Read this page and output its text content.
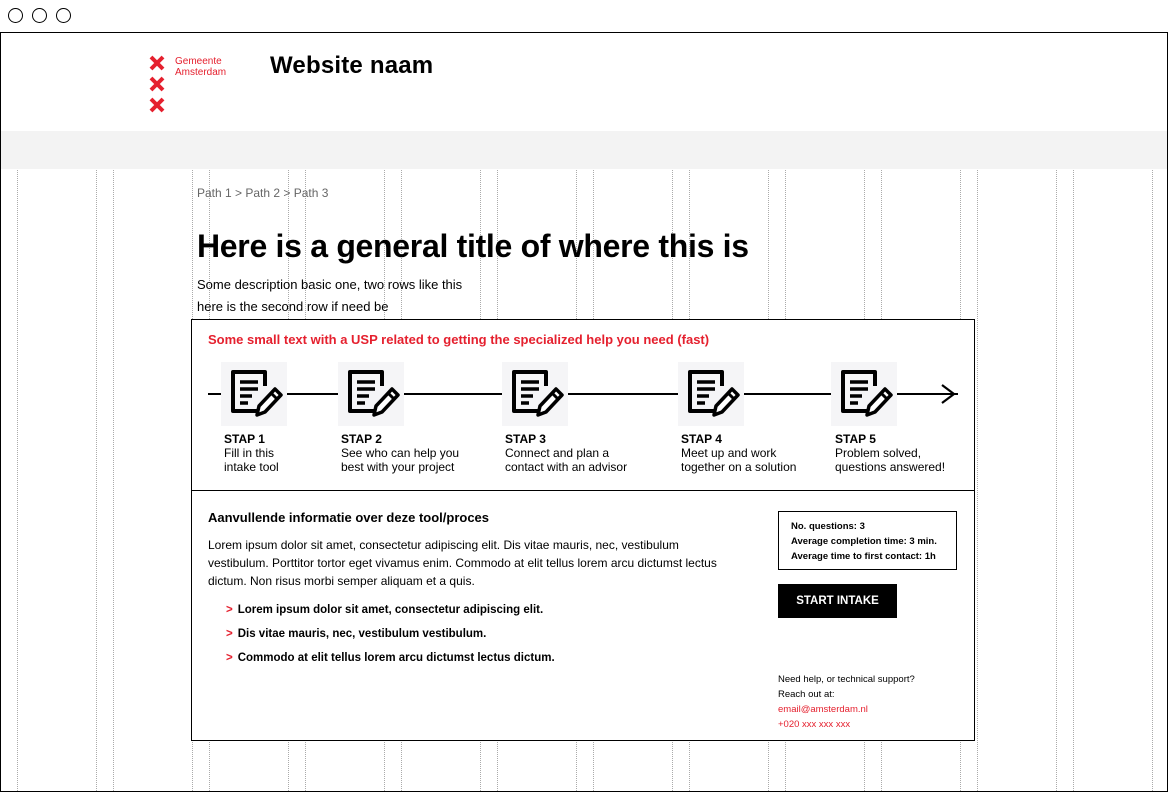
Gemeente
Amsterdam Website naam
Path 1 > Path 2 > Path 3
Here is a general title of where this is
Some description basic one, two rows like this
here is the second row if need be
Some small text with a USP related to getting the specialized help you need (fast)
STAP 1
Fill in this
intake tool
STAP 2
See who can help you
best with your project
STAP 3
Connect and plan a
contact with an advisor
STAP 4
Meet up and work
together on a solution
STAP 5
Problem solved,
questions answered!
Aanvullende informatie over deze tool/proces
Lorem ipsum dolor sit amet, consectetur adipiscing elit. Dis vitae mauris, nec, vestibulum vestibulum. Porttitor tortor eget vivamus enim. Commodo at elit tellus lorem arcu dictumst lectus dictum. Non risus morbi semper aliquam et a quis.
> Lorem ipsum dolor sit amet, consectetur adipiscing elit.
> Dis vitae mauris, nec, vestibulum vestibulum.
> Commodo at elit tellus lorem arcu dictumst lectus dictum.
No. questions: 3
Average completion time: 3 min.
Average time to first contact: 1h
START INTAKE
Need help, or technical support?
Reach out at:
email@amsterdam.nl
+020 xxx xxx xxx
